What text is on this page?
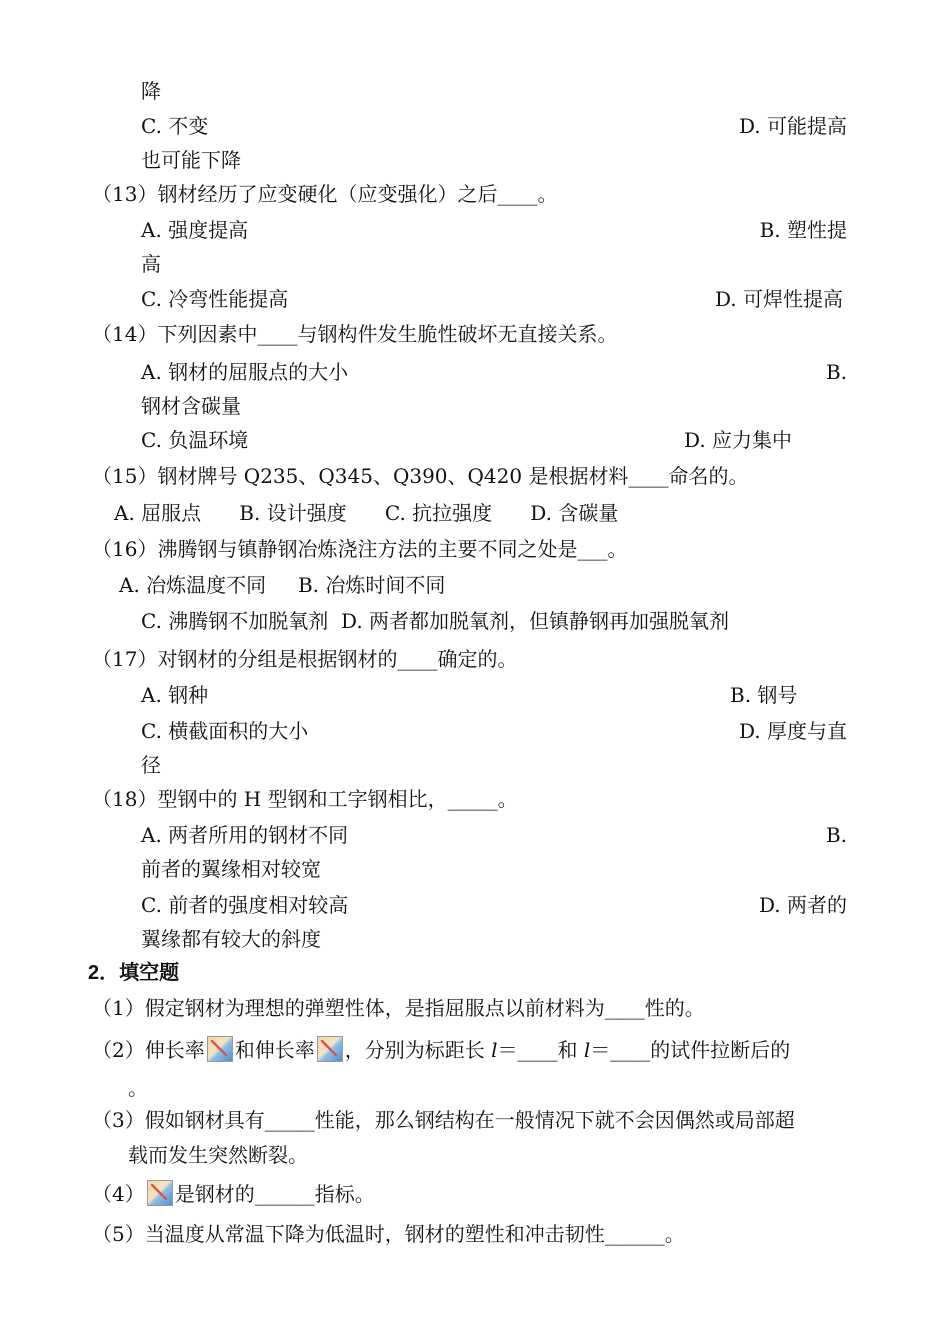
降
C. 不变	D. 可能提高
也可能下降
（13）钢材经历了应变硬化（应变强化）之后____。
A. 强度提高	B. 塑性提
高
C. 冷弯性能提高	D. 可焊性提高
（14）下列因素中____与钢构件发生脆性破坏无直接关系。
A. 钢材的屈服点的大小	B.
钢材含碳量
C. 负温环境	D. 应力集中
（15）钢材牌号 Q235、Q345、Q390、Q420 是根据材料____命名的。
A. 屈服点      B. 设计强度      C. 抗拉强度      D. 含碳量
（16）沸腾钢与镇静钢冶炼浇注方法的主要不同之处是___。
A. 冶炼温度不同     B. 冶炼时间不同
C. 沸腾钢不加脱氧剂  D. 两者都加脱氧剂，但镇静钢再加强脱氧剂
（17）对钢材的分组是根据钢材的____确定的。
A. 钢种	B. 钢号
C. 横截面积的大小	D. 厚度与直
径
（18）型钢中的 H 型钢和工字钢相比，_____。
A. 两者所用的钢材不同	B.
前者的翼缘相对较宽
C. 前者的强度相对较高	D. 两者的
翼缘都有较大的斜度
2．填空题
（1）假定钢材为理想的弹塑性体，是指屈服点以前材料为____性的。
（2）伸长率 和伸长率 ，分别为标距长 l＝____和 l＝____的试件拉断后的
。
（3）假如钢材具有_____性能，那么钢结构在一般情况下就不会因偶然或局部超
载而发生突然断裂。
（4） 是钢材的______指标。
（5）当温度从常温下降为低温时，钢材的塑性和冲击韧性______。
